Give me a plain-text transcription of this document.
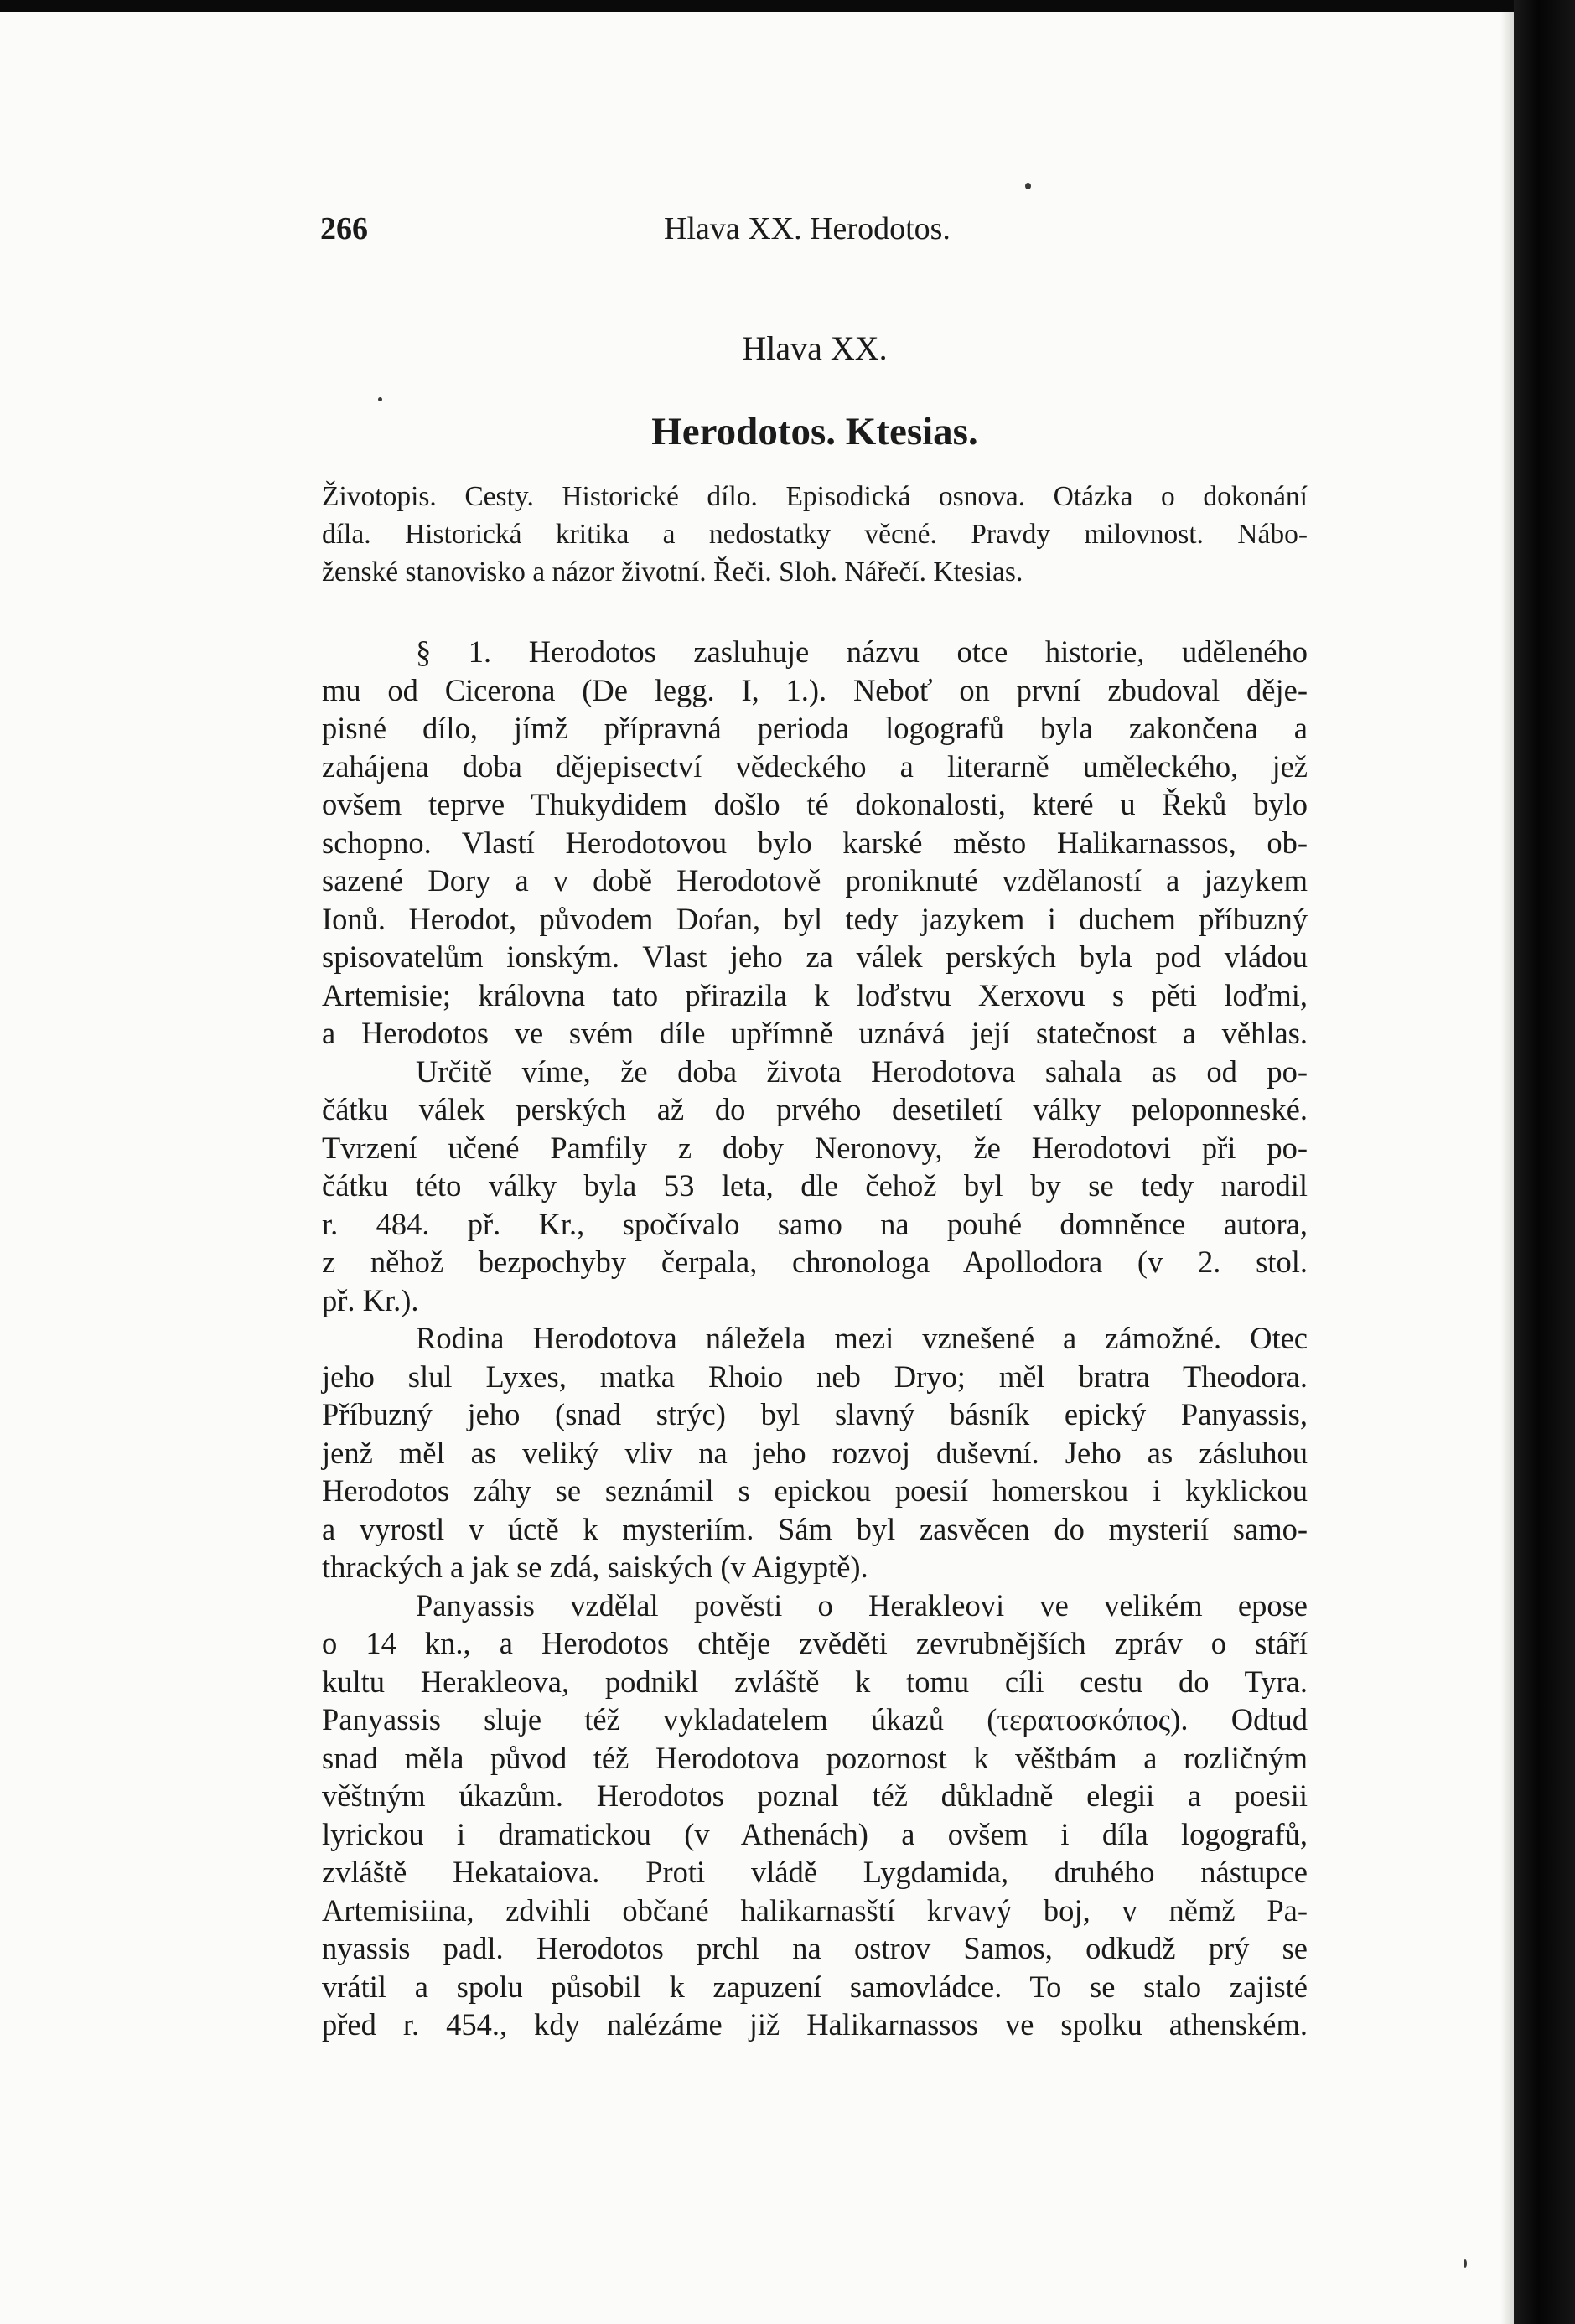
266	Hlava XX. Herodotos.
Hlava XX.
Herodotos. Ktesias.
Životopis. Cesty. Historické dílo. Episodická osnova. Otázka o dokonání
díla. Historická kritika a nedostatky věcné. Pravdy milovnost. Nábo-
ženské stanovisko a názor životní. Řeči. Sloh. Nářečí. Ktesias.
§ 1. Herodotos zasluhuje názvu otce historie, uděleného
mu od Cicerona (De legg. I, 1.). Neboť on první zbudoval děje-
pisné dílo, jímž přípravná perioda logografů byla zakončena a
zahájena doba dějepisectví vědeckého a literarně uměleckého, jež
ovšem teprve Thukydidem došlo té dokonalosti, které u Řeků bylo
schopno. Vlastí Herodotovou bylo karské město Halikarnassos, ob-
sazené Dory a v době Herodotově proniknuté vzdělaností a jazykem
Ionů. Herodot, původem Doŕan, byl tedy jazykem i duchem příbuzný
spisovatelům ionským. Vlast jeho za válek perských byla pod vládou
Artemisie; královna tato přirazila k loďstvu Xerxovu s pěti loďmi,
a Herodotos ve svém díle upřímně uznává její statečnost a věhlas.
Určitě víme, že doba života Herodotova sahala as od po-
čátku válek perských až do prvého desetiletí války peloponneské.
Tvrzení učené Pamfily z doby Neronovy, že Herodotovi při po-
čátku této války byla 53 leta, dle čehož byl by se tedy narodil
r. 484. př. Kr., spočívalo samo na pouhé domněnce autora,
z něhož bezpochyby čerpala, chronologa Apollodora (v 2. stol.
př. Kr.).
Rodina Herodotova náležela mezi vznešené a zámožné. Otec
jeho slul Lyxes, matka Rhoio neb Dryo; měl bratra Theodora.
Příbuzný jeho (snad strýc) byl slavný básník epický Panyassis,
jenž měl as veliký vliv na jeho rozvoj duševní. Jeho as zásluhou
Herodotos záhy se seznámil s epickou poesií homerskou i kyklickou
a vyrostl v úctě k mysteriím. Sám byl zasvěcen do mysterií samo-
thrackých a jak se zdá, saiských (v Aigyptě).
Panyassis vzdělal pověsti o Herakleovi ve velikém epose
o 14 kn., a Herodotos chtěje zvěděti zevrubnějších zpráv o stáří
kultu Herakleova, podnikl zvláště k tomu cíli cestu do Tyra.
Panyassis sluje též vykladatelem úkazů (τερατοσκόπος). Odtud
snad měla původ též Herodotova pozornost k věštbám a rozličným
věštným úkazům. Herodotos poznal též důkladně elegii a poesii
lyrickou i dramatickou (v Athenách) a ovšem i díla logografů,
zvláště Hekataiova. Proti vládě Lygdamida, druhého nástupce
Artemisiina, zdvihli občané halikarnasští krvavý boj, v němž Pa-
nyassis padl. Herodotos prchl na ostrov Samos, odkudž prý se
vrátil a spolu působil k zapuzení samovládce. To se stalo zajisté
před r. 454., kdy nalézáme již Halikarnassos ve spolku athenském.
